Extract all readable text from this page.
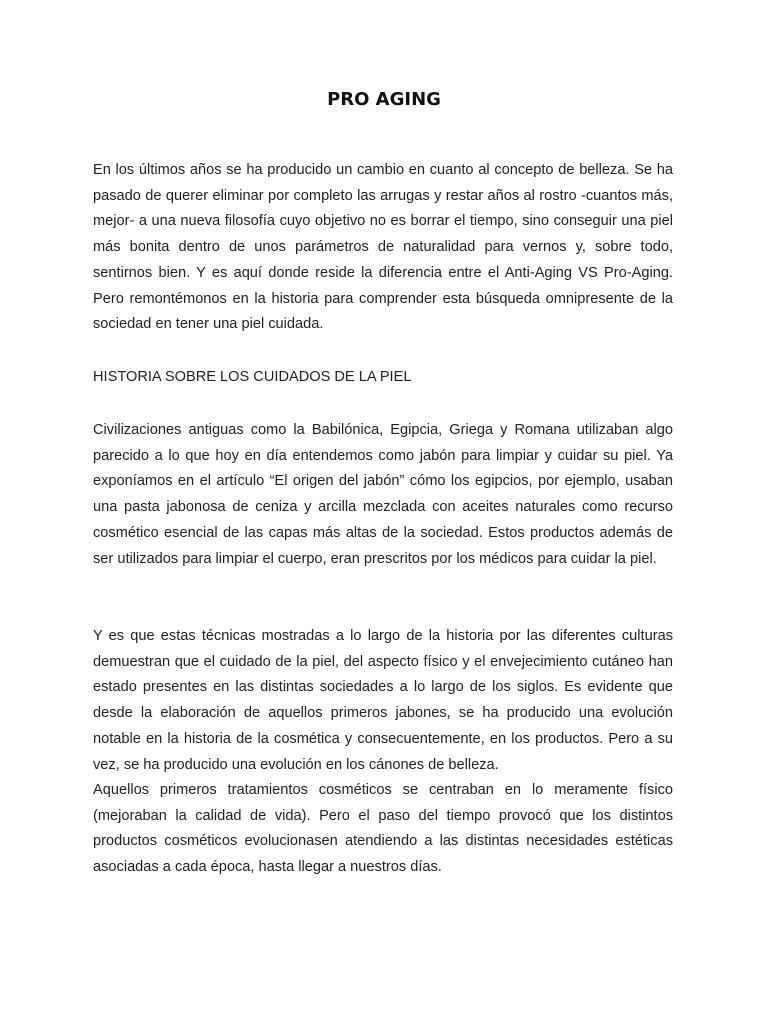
PRO AGING

En los últimos años se ha producido un cambio en cuanto al concepto de belleza. Se ha pasado de querer eliminar por completo las arrugas y restar años al rostro -cuantos más, mejor- a una nueva filosofía cuyo objetivo no es borrar el tiempo, sino conseguir una piel más bonita dentro de unos parámetros de naturalidad para vernos y, sobre todo, sentirnos bien. Y es aquí donde reside la diferencia entre el Anti-Aging VS Pro-Aging. Pero remontémonos en la historia para comprender esta búsqueda omnipresente de la sociedad en tener una piel cuidada.

HISTORIA SOBRE LOS CUIDADOS DE LA PIEL

Civilizaciones antiguas como la Babilónica, Egipcia, Griega y Romana utilizaban algo parecido a lo que hoy en día entendemos como jabón para limpiar y cuidar su piel. Ya exponíamos en el artículo “El origen del jabón” cómo los egipcios, por ejemplo, usaban una pasta jabonosa de ceniza y arcilla mezclada con aceites naturales como recurso cosmético esencial de las capas más altas de la sociedad. Estos productos además de ser utilizados para limpiar el cuerpo, eran prescritos por los médicos para cuidar la piel.

Y es que estas técnicas mostradas a lo largo de la historia por las diferentes culturas demuestran que el cuidado de la piel, del aspecto físico y el envejecimiento cutáneo han estado presentes en las distintas sociedades a lo largo de los siglos. Es evidente que desde la elaboración de aquellos primeros jabones, se ha producido una evolución notable en la historia de la cosmética y consecuentemente, en los productos. Pero a su vez, se ha producido una evolución en los cánones de belleza.

Aquellos primeros tratamientos cosméticos se centraban en lo meramente físico (mejoraban la calidad de vida). Pero el paso del tiempo provocó que los distintos productos cosméticos evolucionasen atendiendo a las distintas necesidades estéticas asociadas a cada época, hasta llegar a nuestros días.
